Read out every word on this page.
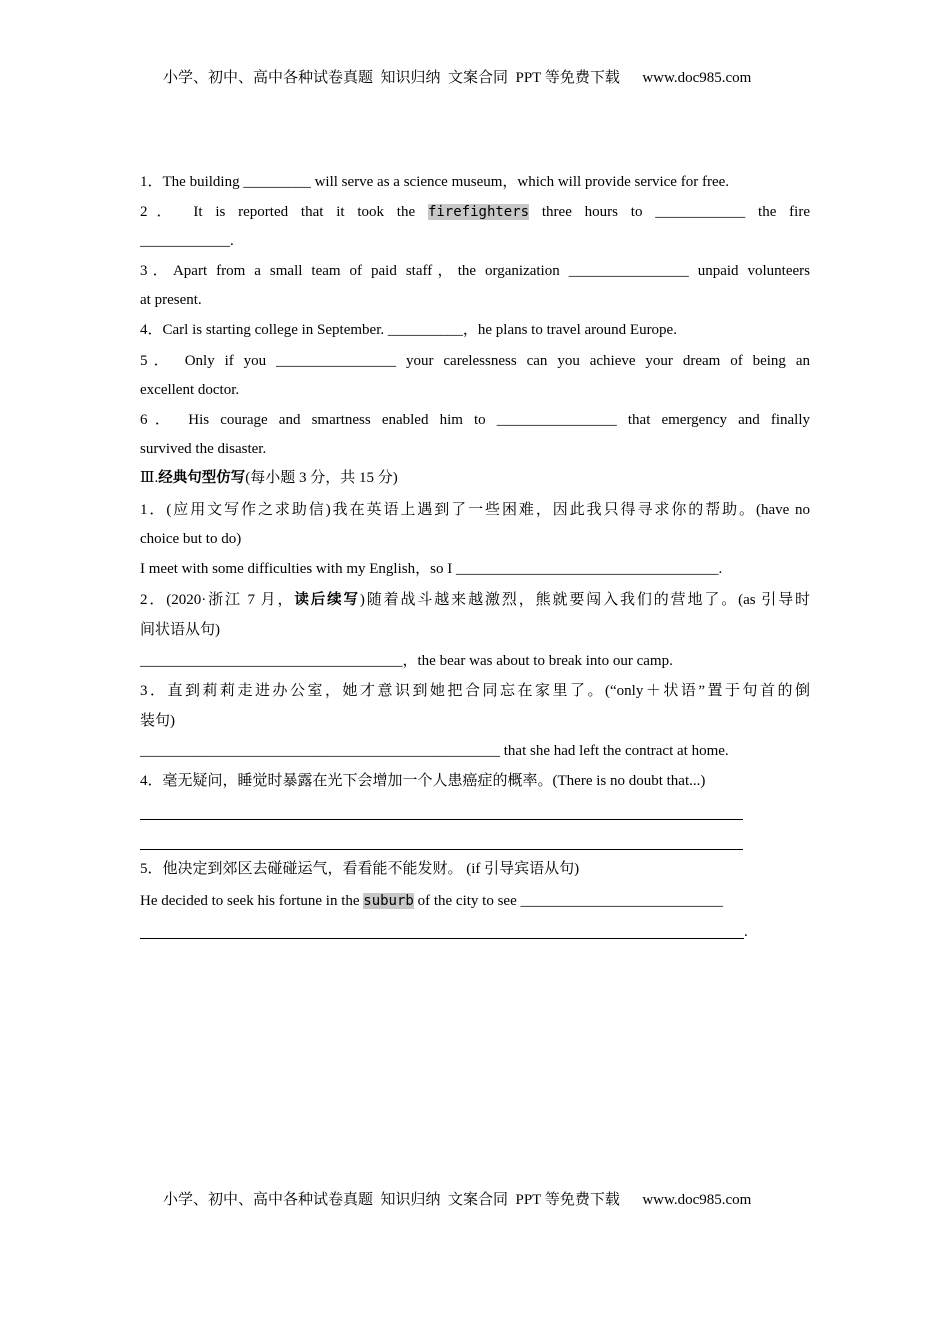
小学、初中、高中各种试卷真题  知识归纳  文案合同  PPT 等免费下载      www.doc985.com
1．The building _________ will serve as a science museum，which will provide service for free.
2． It is reported that it took the firefighters three hours to ____________ the fire
____________.
3．Apart from a small team of paid staff，the organization ________________ unpaid volunteers
at present.
4．Carl is starting college in September. __________，he plans to travel around Europe.
5． Only if you ________________ your carelessness can you achieve your dream of being an
excellent doctor.
6． His courage and smartness enabled him to ________________ that emergency and finally
survived the disaster.
Ⅲ.经典句型仿写(每小题 3 分，共 15 分)
1．(应用文写作之求助信)我在英语上遇到了一些困难，因此我只得寻求你的帮助。(have no
choice but to do)
I meet with some difficulties with my English，so I ___________________________________.
2．(2020·浙江 7 月，读后续写)随着战斗越来越激烈，熊就要闯入我们的营地了。(as 引导时
间状语从句)
___________________________________，the bear was about to break into our camp.
3．直到莉莉走进办公室，她才意识到她把合同忘在家里了。(“only＋状语”置于句首的倒
装句)
________________________________________________ that she had left the contract at home.
4．毫无疑问，睡觉时暴露在光下会增加一个人患癌症的概率。(There is no doubt that...)
5．他决定到郊区去碰碰运气，看看能不能发财。 (if 引导宾语从句)
He decided to seek his fortune in the suburb of the city to see ___________________________
.
小学、初中、高中各种试卷真题  知识归纳  文案合同  PPT 等免费下载      www.doc985.com
